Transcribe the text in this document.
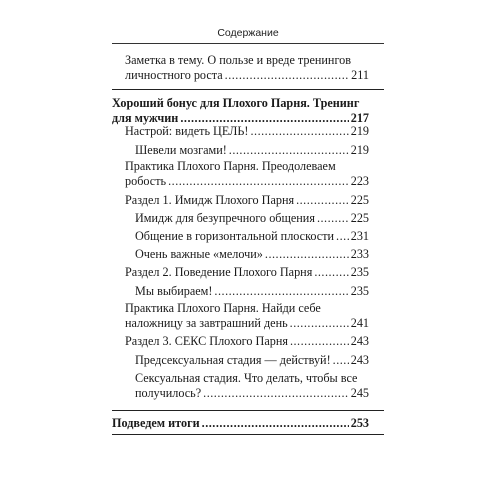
Содержание
Заметка в тему. О пользе и вреде тренингов
личностного роста .....	211
Хороший бонус для Плохого Парня. Тренинг
для мужчин .....	217
Настрой: видеть ЦЕЛЬ! .....	219
Шевели мозгами! .....	219
Практика Плохого Парня. Преодолеваем
робость .....	223
Раздел 1. Имидж Плохого Парня .....	225
Имидж для безупречного общения .....	225
Общение в горизонтальной плоскости ..... 231
Очень важные «мелочи» .....	233
Раздел 2. Поведение Плохого Парня .....	235
Мы выбираем! .....	235
Практика Плохого Парня. Найди себе
наложницу за завтрашний день .....	241
Раздел 3. СЕКС Плохого Парня .....	243
Предсексуальная стадия — действуй! ..... 243
Сексуальная стадия. Что делать, чтобы все
получилось? .....	245
Подведем итоги .....	253
